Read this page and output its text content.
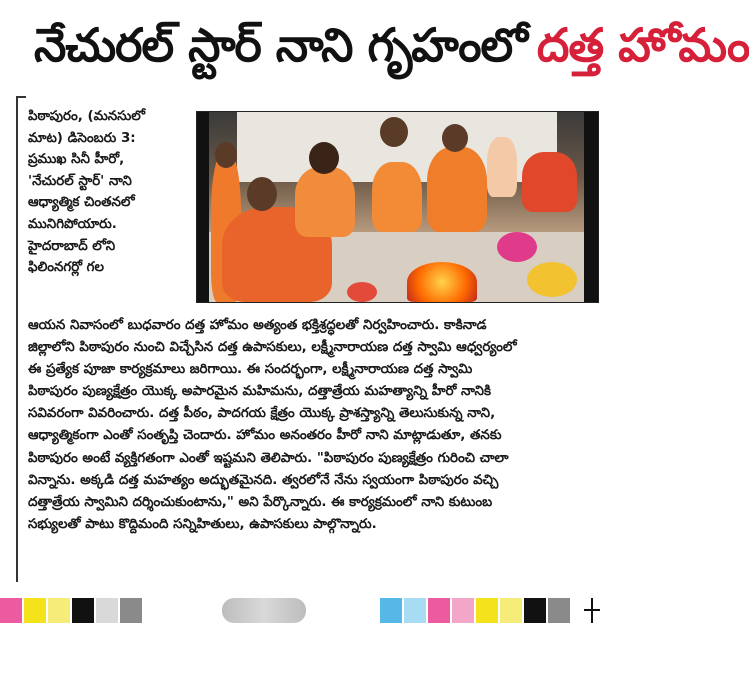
నేచురల్ స్టార్ నాని గృహంలో దత్త హోమం
పిఠాపురం, (మనసులో
మాట) డిసెంబరు 3:
ప్రముఖ సినీ హీరో,
'నేచురల్ స్టార్' నాని
ఆధ్యాత్మిక చింతనలో
మునిగిపోయారు.
హైదరాబాద్ లోని
ఫిలింనగర్లో గల
ఆయన నివాసంలో బుధవారం దత్త హోమం అత్యంత భక్తిశ్రద్ధలతో నిర్వహించారు. కాకినాడ
జిల్లాలోని పిఠాపురం నుంచి విచ్చేసిన దత్త ఉపాసకులు, లక్ష్మీనారాయణ దత్త స్వామి ఆధ్వర్యంలో
ఈ ప్రత్యేక పూజా కార్యక్రమాలు జరిగాయి. ఈ సందర్భంగా, లక్ష్మీనారాయణ దత్త స్వామి
పిఠాపురం పుణ్యక్షేత్రం యొక్క అపారమైన మహిమను, దత్తాత్రేయ మహత్యాన్ని హీరో నానికి
సవివరంగా వివరించారు. దత్త పీఠం, పాదగయ క్షేత్రం యొక్క ప్రాశస్త్యాన్ని తెలుసుకున్న నాని,
ఆధ్యాత్మికంగా ఎంతో సంతృప్తి చెందారు. హోమం అనంతరం హీరో నాని మాట్లాడుతూ, తనకు
పిఠాపురం అంటే వ్యక్తిగతంగా ఎంతో ఇష్టమని తెలిపారు. "పిఠాపురం పుణ్యక్షేత్రం గురించి చాలా
విన్నాను. అక్కడి దత్త మహత్యం అద్భుతమైనది. త్వరలోనే నేను స్వయంగా పిఠాపురం వచ్చి
దత్తాత్రేయ స్వామిని దర్శించుకుంటాను," అని పేర్కొన్నారు. ఈ కార్యక్రమంలో నాని కుటుంబ
సభ్యులతో పాటు కొద్దిమంది సన్నిహితులు, ఉపాసకులు పాల్గొన్నారు.
